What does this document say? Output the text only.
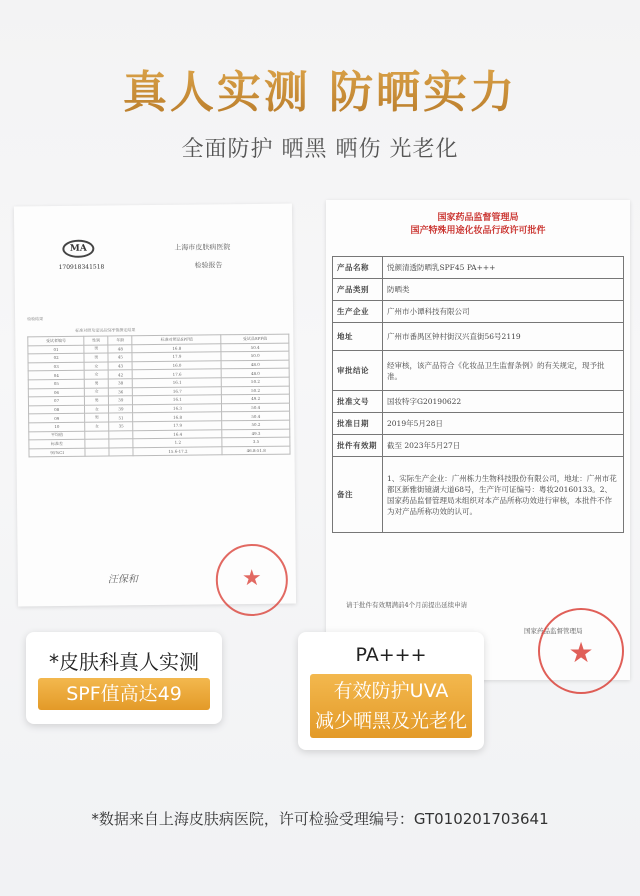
真人实测 防晒实力
全面防护 晒黑 晒伤 光老化
MA
170918341518
上海市皮肤病医院
检验报告
检验结果
标准对照及受试品SPF值测定结果
受试者编号	性别	年龄	标准对照品SPF值	受试品SPF值
01	男	48	16.8	50.4
02	男	45	17.9	50.0
03	女	43	16.0	48.0
04	女	42	17.6	48.0
05	男	38	16.1	50.2
06	女	36	16.7	50.2
07	男	39	16.1	49.2
08	女	39	16.3	50.4
09	男	51	16.8	50.4
10	女	35	17.9	50.2
平均值			16.4	49.3
标准差			1.2	3.5
95%CI			15.6-17.2	46.8-51.8
汪保和	★
国家药品监督管理局
国产特殊用途化妆品行政许可批件
产品名称	悦颜清透防晒乳SPF45 PA+++
产品类别	防晒类
生产企业	广州市小谭科技有限公司
地址	广州市番禺区钟村街汉兴直街56号2119
审批结论	经审核，该产品符合《化妆品卫生监督条例》的有关规定，现予批准。
批准文号	国妆特字G20190622
批准日期	2019年5月28日
批件有效期	截至 2023年5月27日
备注	1、实际生产企业：广州栋力生物科技股份有限公司，地址：广州市花都区新雅街镜湖大道68号，生产许可证编号：粤妆20160133。2、国家药品监督管理局未组织对本产品所称功效进行审核，本批件不作为对产品所称功效的认可。
请于批件有效期满前4个月前提出延续申请
国家药品监督管理局
★
*皮肤科真人实测
SPF值高达49
PA+++
有效防护UVA
减少晒黑及光老化
*数据来自上海皮肤病医院，许可检验受理编号：GT010201703641
